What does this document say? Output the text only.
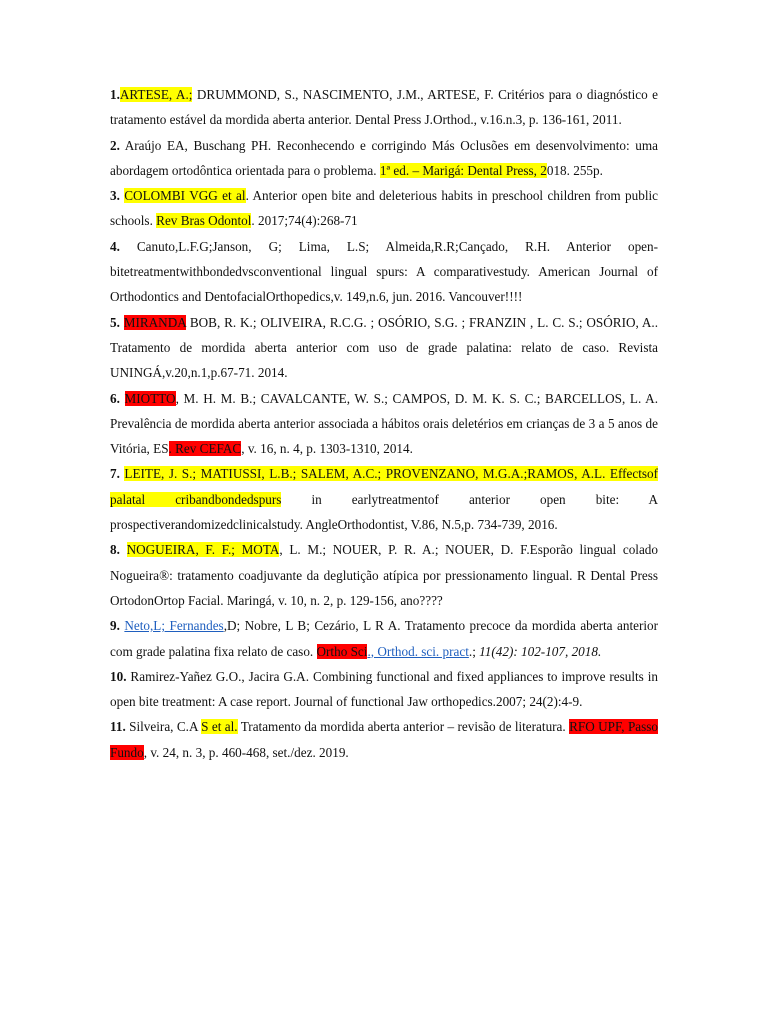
1.ARTESE, A.; DRUMMOND, S., NASCIMENTO, J.M., ARTESE, F. Critérios para o diagnóstico e tratamento estável da mordida aberta anterior. Dental Press J.Orthod., v.16.n.3, p. 136-161, 2011.

2. Araújo EA, Buschang PH. Reconhecendo e corrigindo Más Oclusões em desenvolvimento: uma abordagem ortodôntica orientada para o problema. 1ª ed. – Marigá: Dental Press, 2018. 255p.

3. COLOMBI VGG et al. Anterior open bite and deleterious habits in preschool children from public schools. Rev Bras Odontol. 2017;74(4):268-71

4. Canuto,L.F.G;Janson, G; Lima, L.S; Almeida,R.R;Cançado, R.H. Anterior open-bitetreatmentwithbondedvsconventional lingual spurs: A comparativestudy. American Journal of Orthodontics and DentofacialOrthopedics,v. 149,n.6, jun. 2016. Vancouver!!!!

5. MIRANDA BOB, R. K.; OLIVEIRA, R.C.G. ; OSÓRIO, S.G. ; FRANZIN , L. C. S.; OSÓRIO, A.. Tratamento de mordida aberta anterior com uso de grade palatina: relato de caso. Revista UNINGÁ,v.20,n.1,p.67-71. 2014.

6. MIOTTO, M. H. M. B.; CAVALCANTE, W. S.; CAMPOS, D. M. K. S. C.; BARCELLOS, L. A. Prevalência de mordida aberta anterior associada a hábitos orais deletérios em crianças de 3 a 5 anos de Vitória, ES. Rev CEFAC, v. 16, n. 4, p. 1303-1310, 2014.

7. LEITE, J. S.; MATIUSSI, L.B.; SALEM, A.C.; PROVENZANO, M.G.A.;RAMOS, A.L. Effectsof palatal cribandbondedspurs in earlytreatmentof anterior open bite: A prospectiverandomizedclinicalstudy. AngleOrthodontist, V.86, N.5,p. 734-739, 2016.

8. NOGUEIRA, F. F.; MOTA, L. M.; NOUER, P. R. A.; NOUER, D. F.Esporão lingual colado Nogueira®: tratamento coadjuvante da deglutição atípica por pressionamento lingual. R Dental Press OrtodonOrtop Facial. Maringá, v. 10, n. 2, p. 129-156, ano????

9. Neto,L; Fernandes,D; Nobre, L B; Cezário, L R A. Tratamento precoce da mordida aberta anterior com grade palatina fixa relato de caso. Ortho Sci., Orthod. sci. pract.; 11(42): 102-107, 2018.

10. Ramirez-Yañez G.O., Jacira G.A. Combining functional and fixed appliances to improve results in open bite treatment: A case report. Journal of functional Jaw orthopedics.2007; 24(2):4-9.

11. Silveira, C.A S et al. Tratamento da mordida aberta anterior – revisão de literatura. RFO UPF, Passo Fundo, v. 24, n. 3, p. 460-468, set./dez. 2019.
